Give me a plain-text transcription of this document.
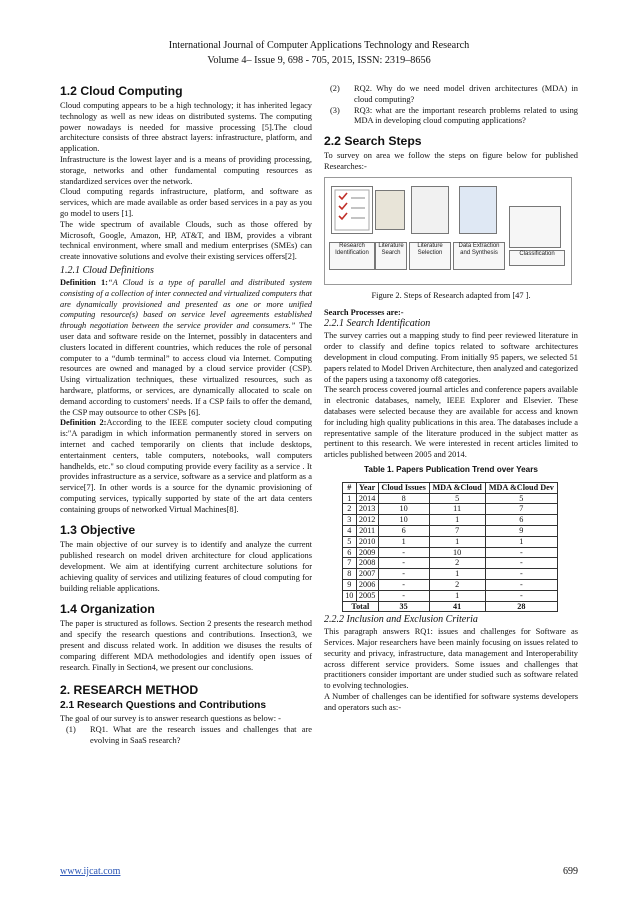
International Journal of Computer Applications Technology and Research
Volume 4– Issue 9, 698 - 705, 2015, ISSN: 2319–8656
1.2 Cloud Computing

Cloud computing appears to be a high technology; it has inherited legacy technology as well as new ideas on distributed systems. The computing power nowadays is needed for massive processing [5].The cloud architecture consists of three abstract layers: infrastructure, platform, and application.

Infrastructure is the lowest layer and is a means of providing processing, storage, networks and other fundamental computing resources as standardized services over the network.

Cloud computing regards infrastructure, platform, and software as services, which are made available as order based services in a pay as you go model to users [1].

The wide spectrum of available Clouds, such as those offered by Microsoft, Google, Amazon, HP, AT&T, and IBM, provides a vibrant technical environment, where small and medium enterprises (SMEs) can create innovative solutions and evolve their existing services offers[2].

1.2.1 Cloud Definitions

Definition 1:“A Cloud is a type of parallel and distributed system consisting of a collection of inter connected and virtualized computers that are dynamically provisioned and presented as one or more unified computing resource(s) based on service level agreements established through negotiation between the service provider and consumers.” The user data and software reside on the Internet, possibly in datacenters and clusters located in different countries, which reduces the role of personal computer to a “dumb terminal” to access cloud via Internet. Computing resources are owned and managed by a cloud service provider (CSP). Using virtualization techniques, these virtualized resources, such as hardware, platforms, or services, are dynamically allocated to scale on demand according to customers' needs. If a CSP fails to offer the demand, the CSP may outsource to other CSPs [6].

Definition 2:According to the IEEE computer society cloud computing is:"A paradigm in which information permanently stored in servers on internet and cached temporarily on clients that include desktops, entertainment centers, table computers, notebooks, wall computers handhelds, etc." so cloud computing provide every facility as a service . It provides infrastructure as a service, software as a service and platform as a service[7]. In other words is a source for the dynamic provisioning of computing services, typically supported by state of the art data centers containing groups of networked Virtual Machines[8].

1.3 Objective

The main objective of our survey is to identify and analyze the current published research on model driven architecture for cloud applications development. We aim at identifying current architecture solutions for achieving quality of services and utilizing features of cloud computing for building reliable applications.

1.4 Organization

The paper is structured as follows. Section 2 presents the research method and specify the research questions and contributions. Insection3, we present and discuss related work. In addition we disuses the results of comparing different MDA methodologies and identify open issues of research. Finally in Section4, we present our conclusions.

2. RESEARCH METHOD
2.1 Research Questions and Contributions

The goal of our survey is to answer research questions as below: -

(1) RQ1. What are the research issues and challenges that are evolving in SaaS research?
(2) RQ2. Why do we need model driven architectures (MDA) in cloud computing?
(3) RQ3: what are the important research problems related to using MDA in developing cloud computing applications?
2.2 Search Steps

To survey on area we follow the steps on figure below for published Researches:-

Research Identification
Literature Search
Literature Selection
Data Extraction and Synthesis	Classification
Figure 2. Steps of Research adapted from [47 ].

Search Processes are:-

2.2.1 Search Identification

The survey carries out a mapping study to find peer reviewed literature in order to classify and define topics related to software architectures development in cloud computing. From initially 95 papers, we selected 51 papers related to Model Driven Architecture, then analyzed and categorized of the papers using a taxonomy of8 categories.

The search process covered journal articles and conference papers available in electronic databases, namely, IEEE Explorer and Elsevier. These databases were selected because they are available for access and known for including high quality publications in this area. The databases include a representative sample of the literature produced in the subject matter as pertinent to this research. We were interested in recent articles limited to articles published between 2005 and 2014.

Table 1. Papers Publication Trend over Years
#	Year	Cloud Issues	MDA &Cloud	MDA &Cloud Dev
1	2014	8	5	5
2	2013	10	11	7
3	2012	10	1	6
4	2011	6	7	9
5	2010	1	1	1
6	2009	-	10	-
7	2008	-	2	-
8	2007	-	1	-
9	2006	-	2	-
10	2005	-	1	-
Total		35	41	28
2.2.2 Inclusion and Exclusion Criteria

This paragraph answers RQ1: issues and challenges for Software as Services. Major researchers have been mainly focusing on issues related to security and privacy, infrastructure, data management and Interoperability across different service providers. Some issues and challenges that practitioners consider important are under studied such as software related to evolving technologies.

A Number of challenges can be identified for software systems developers and operators such as:-

www.ijcat.com	699
